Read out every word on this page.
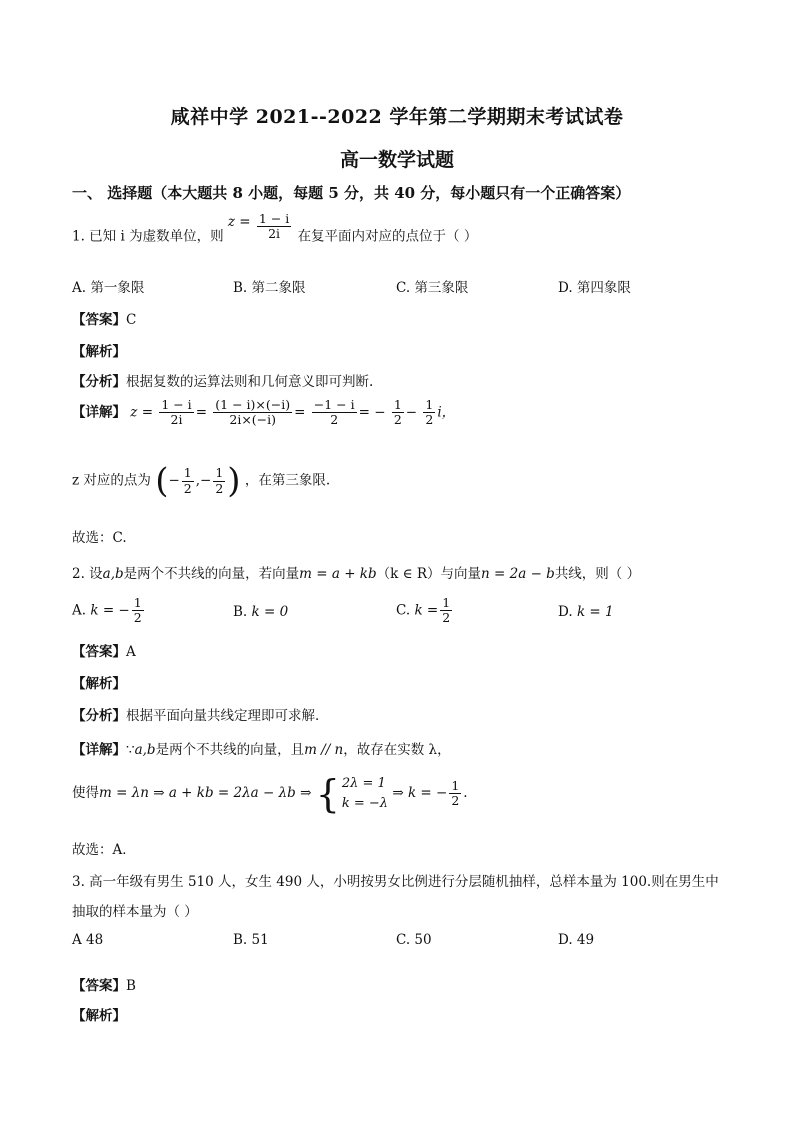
咸祥中学 2021--2022 学年第二学期期末考试试卷
高一数学试题
一、 选择题（本大题共 8 小题，每题 5 分，共 40 分，每小题只有一个正确答案）
1. 已知 i 为虚数单位，则 $z = \frac{1 - i}{2i}$ 在复平面内对应的点位于（ ）
A. 第一象限	B. 第二象限	C. 第三象限	D. 第四象限
【答案】C
【解析】
【分析】根据复数的运算法则和几何意义即可判断.
【详解】 $z = \frac{1 - i}{2i} = \frac{(1 - i)\times(-i)}{2i\times(-i)} = \frac{-1 - i}{2}$ = − $\frac{1}{2} - \frac{1}{2}$ i，
z 对应的点为 (− $\frac{1}{2}$ ,− $\frac{1}{2}$ ) ，在第三象限.
故选：C.
2. 设a,b是两个不共线的向量，若向量m = a + kb（k ∈ R）与向量n = 2a − b共线，则（ ）
A. k = − $\frac{1}{2}$	B. k = 0	C. $k = \frac{1}{2}$	D. k = 1
【答案】A
【解析】
【分析】根据平面向量共线定理即可求解．
【详解】∵a,b是两个不共线的向量，且m // n，故存在实数 λ，
使得m = λn ⇒ a + kb = 2λa − λb ⇒ { 2λ = 1
k = −λ
⇒ k = − $\frac{1}{2}$ .
故选：A．
3. 高一年级有男生 510 人，女生 490 人，小明按男女比例进行分层随机抽样，总样本量为 100.则在男生中
抽取的样本量为（ ）
A 48	B. 51	C. 50	D. 49
【答案】B
【解析】
